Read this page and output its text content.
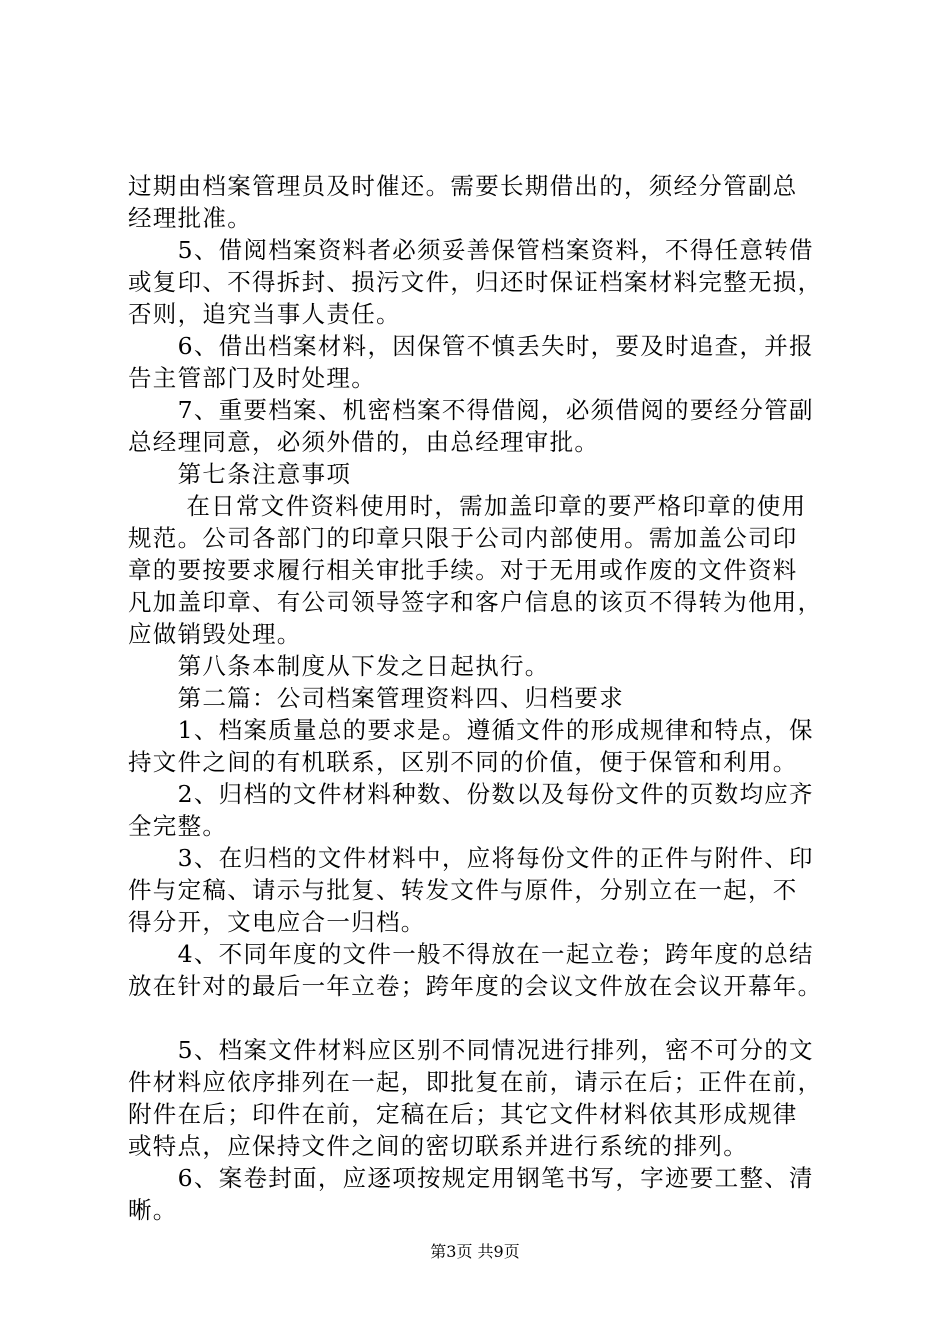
过期由档案管理员及时催还。需要长期借出的，须经分管副总
经理批准。
　　5、借阅档案资料者必须妥善保管档案资料，不得任意转借
或复印、不得拆封、损污文件，归还时保证档案材料完整无损，
否则，追究当事人责任。
　　6、借出档案材料，因保管不慎丢失时，要及时追查，并报
告主管部门及时处理。
　　7、重要档案、机密档案不得借阅，必须借阅的要经分管副
总经理同意，必须外借的，由总经理审批。
　　第七条注意事项
　　 在日常文件资料使用时，需加盖印章的要严格印章的使用
规范。公司各部门的印章只限于公司内部使用。需加盖公司印
章的要按要求履行相关审批手续。对于无用或作废的文件资料
凡加盖印章、有公司领导签字和客户信息的该页不得转为他用，
应做销毁处理。
　　第八条本制度从下发之日起执行。
　　第二篇：公司档案管理资料四、归档要求
　　1、档案质量总的要求是。遵循文件的形成规律和特点，保
持文件之间的有机联系，区别不同的价值，便于保管和利用。
　　2、归档的文件材料种数、份数以及每份文件的页数均应齐
全完整。
　　3、在归档的文件材料中，应将每份文件的正件与附件、印
件与定稿、请示与批复、转发文件与原件，分别立在一起，不
得分开，文电应合一归档。
　　4、不同年度的文件一般不得放在一起立卷；跨年度的总结
放在针对的最后一年立卷；跨年度的会议文件放在会议开幕年。
　　5、档案文件材料应区别不同情况进行排列，密不可分的文
件材料应依序排列在一起，即批复在前，请示在后；正件在前，
附件在后；印件在前，定稿在后；其它文件材料依其形成规律
或特点，应保持文件之间的密切联系并进行系统的排列。
　　6、案卷封面，应逐项按规定用钢笔书写，字迹要工整、清
晰。
第3页 共9页
